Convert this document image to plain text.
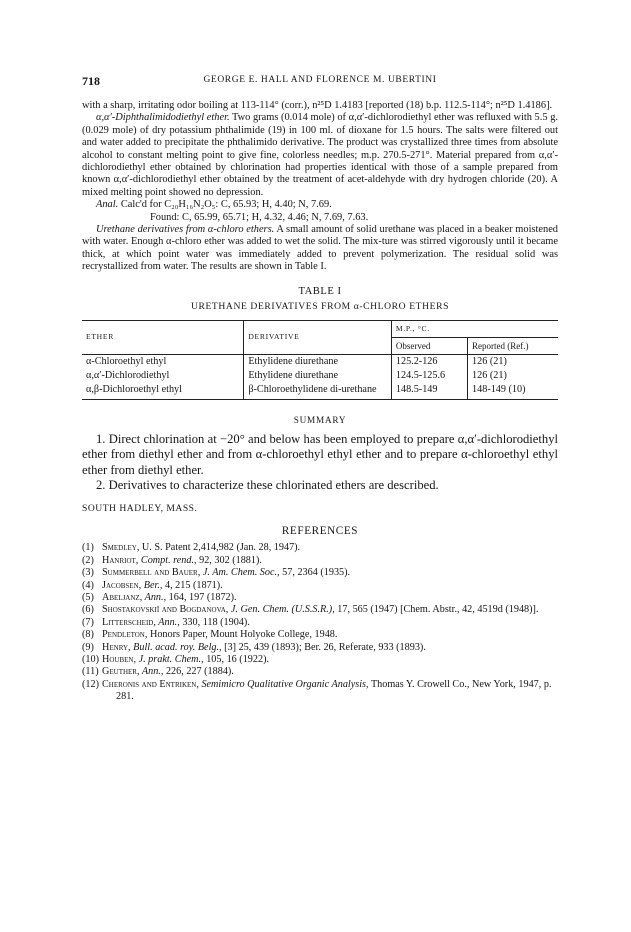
718	GEORGE E. HALL AND FLORENCE M. UBERTINI

with a sharp, irritating odor boiling at 113-114° (corr.), n²⁵D 1.4183 [reported (18) b.p. 112.5-114°; n²⁵D 1.4186].

α,α′-Diphthalimidodiethyl ether. Two grams (0.014 mole) of α,α′-dichlorodiethyl ether was refluxed with 5.5 g. (0.029 mole) of dry potassium phthalimide (19) in 100 ml. of dioxane for 1.5 hours. The salts were filtered out and water added to precipitate the phthalimido derivative. The product was crystallized three times from absolute alcohol to constant melting point to give fine, colorless needles; m.p. 270.5-271°. Material prepared from α,α′-dichlorodiethyl ether obtained by chlorination had properties identical with those of a sample prepared from known α,α′-dichlorodiethyl ether obtained by the treatment of acet-aldehyde with dry hydrogen chloride (20). A mixed melting point showed no depression.

Anal. Calc'd for C₂₀H₁₆N₂O₅: C, 65.93; H, 4.40; N, 7.69.

Found: C, 65.99, 65.71; H, 4.32, 4.46; N, 7.69, 7.63.

Urethane derivatives from α-chloro ethers. A small amount of solid urethane was placed in a beaker moistened with water. Enough α-chloro ether was added to wet the solid. The mix-ture was stirred vigorously until it became thick, at which point water was immediately added to prevent polymerization. The residual solid was recrystallized from water. The results are shown in Table I.

TABLE I
URETHANE DERIVATIVES FROM α-CHLORO ETHERS
ETHER	DERIVATIVE	M.P., °C.	
		Observed	Reported (Ref.)
α-Chloroethyl ethyl	Ethylidene diurethane	125.2-126	126 (21)
α,α′-Dichlorodiethyl	Ethylidene diurethane	124.5-125.6	126 (21)
α,β-Dichloroethyl ethyl	β-Chloroethylidene di-urethane	148.5-149	148-149 (10)
SUMMARY

1. Direct chlorination at −20° and below has been employed to prepare α,α′-dichlorodiethyl ether from diethyl ether and from α-chloroethyl ethyl ether and to prepare α-chloroethyl ethyl ether from diethyl ether.

2. Derivatives to characterize these chlorinated ethers are described.

SOUTH HADLEY, MASS.
REFERENCES
(1) Smedley, U. S. Patent 2,414,982 (Jan. 28, 1947).
(2) Hanriot, Compt. rend., 92, 302 (1881).
(3) Summerbell and Bauer, J. Am. Chem. Soc., 57, 2364 (1935).
(4) Jacobsen, Ber., 4, 215 (1871).
(5) Abeljanz, Ann., 164, 197 (1872).
(6) Shostakovskiĭ and Bogdanova, J. Gen. Chem. (U.S.S.R.), 17, 565 (1947) [Chem. Abstr., 42, 4519d (1948)].
(7) Litterscheid, Ann., 330, 118 (1904).
(8) Pendleton, Honors Paper, Mount Holyoke College, 1948.
(9) Henry, Bull. acad. roy. Belg., [3] 25, 439 (1893); Ber. 26, Referate, 933 (1893).
(10) Houben, J. prakt. Chem., 105, 16 (1922).
(11) Geuther, Ann., 226, 227 (1884).
(12) Cheronis and Entriken, Semimicro Qualitative Organic Analysis, Thomas Y. Crowell Co., New York, 1947, p. 281.
